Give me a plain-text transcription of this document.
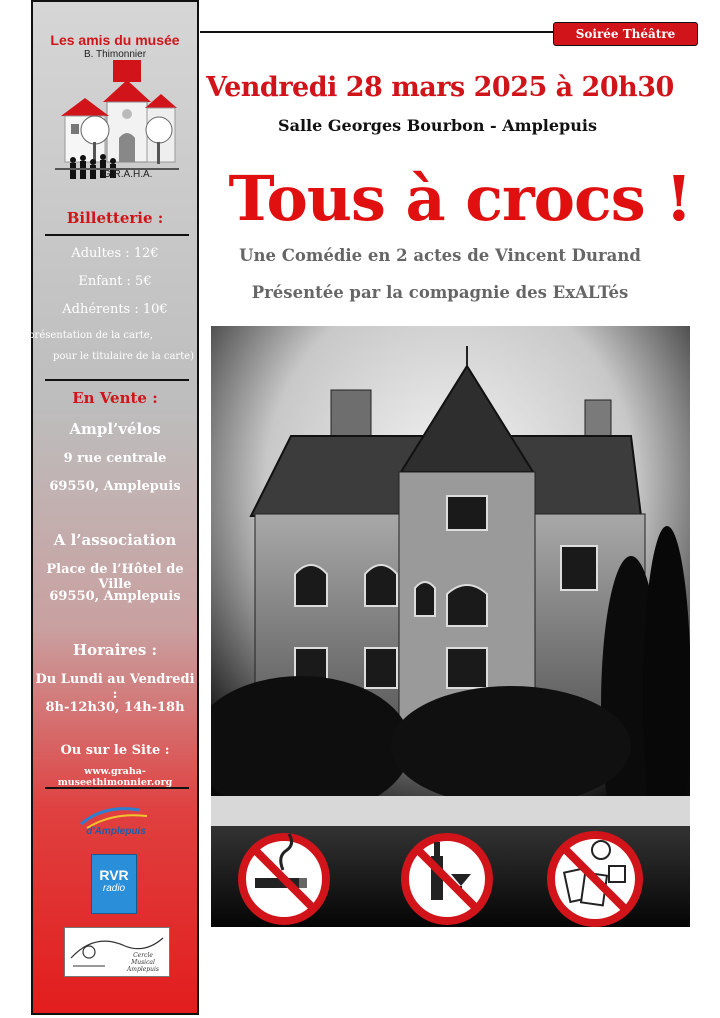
Les amis du musée
B. Thimonnier
G.R.A.H.A.
Billetterie :
Adultes : 12€
Enfant : 5€
Adhérents : 10€
(Sur présentation de la carte,
pour le titulaire de la carte)
En Vente :
Ampl’vélos
9 rue centrale
69550, Amplepuis
A l’association
Place de l’Hôtel de Ville
69550, Amplepuis
Horaires :
Du Lundi au Vendredi :
8h-12h30, 14h-18h
Ou sur le Site :
www.graha-museethimonnier.org
d'Amplepuis
RVR
radio
Cercle Musical Amplepuis
Soirée Théâtre
Vendredi 28 mars 2025 à 20h30
Salle Georges Bourbon - Amplepuis
Tous à crocs !
Une Comédie en 2 actes de Vincent Durand
Présentée par la compagnie des ExALTés
